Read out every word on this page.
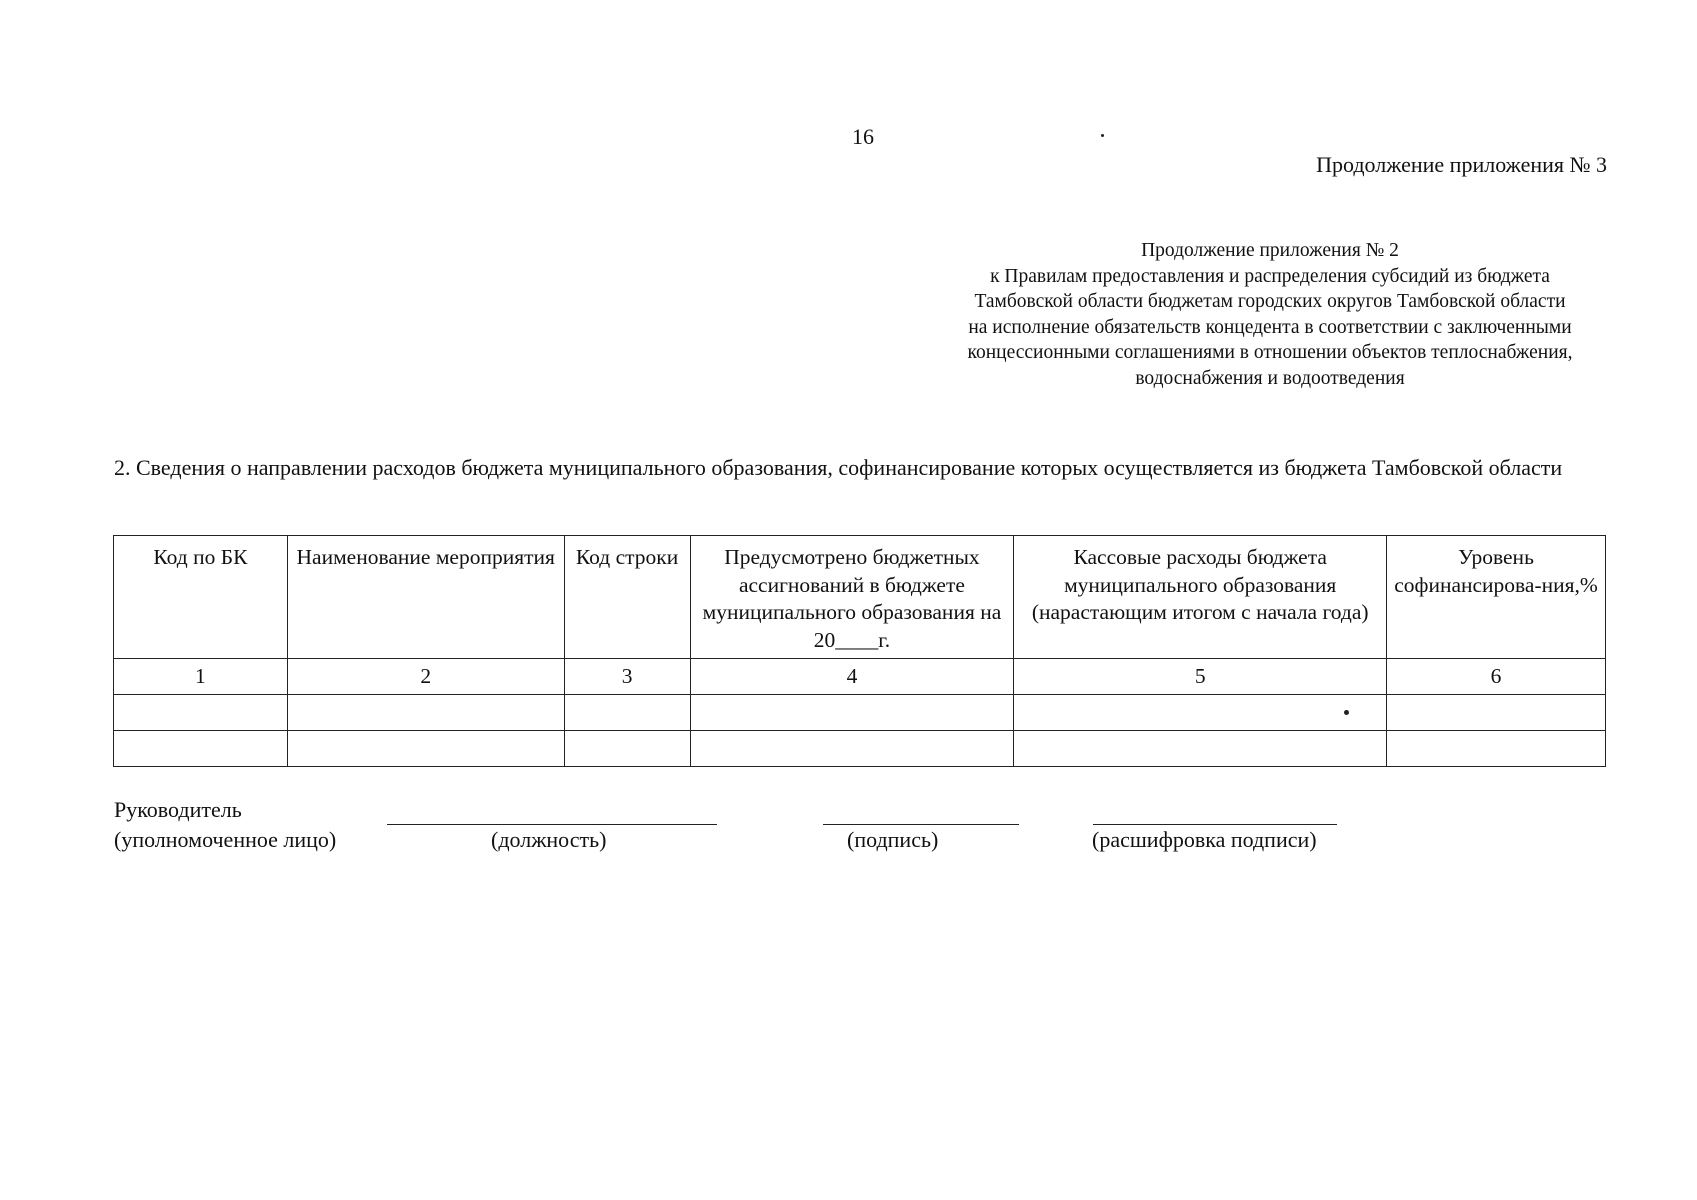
16
Продолжение приложения № 3
Продолжение приложения № 2
к Правилам предоставления и распределения субсидий из бюджета
Тамбовской области бюджетам городских округов Тамбовской области
на исполнение обязательств концедента в соответствии с заключенными
концессионными соглашениями в отношении объектов теплоснабжения,
водоснабжения и водоотведения
2. Сведения о направлении расходов бюджета муниципального образования, софинансирование которых осуществляется из бюджета Тамбовской области
Код по БК	Наименование мероприятия	Код строки	Предусмотрено бюджетных ассигнований в бюджете муниципального образования на 20____г.	Кассовые расходы бюджета муниципального образования (нарастающим итогом с начала года)	Уровень софинансирова-ния,%
1	2	3	4	5	6

Руководитель
(уполномоченное лицо)	(должность)	(подпись)	(расшифровка подписи)
